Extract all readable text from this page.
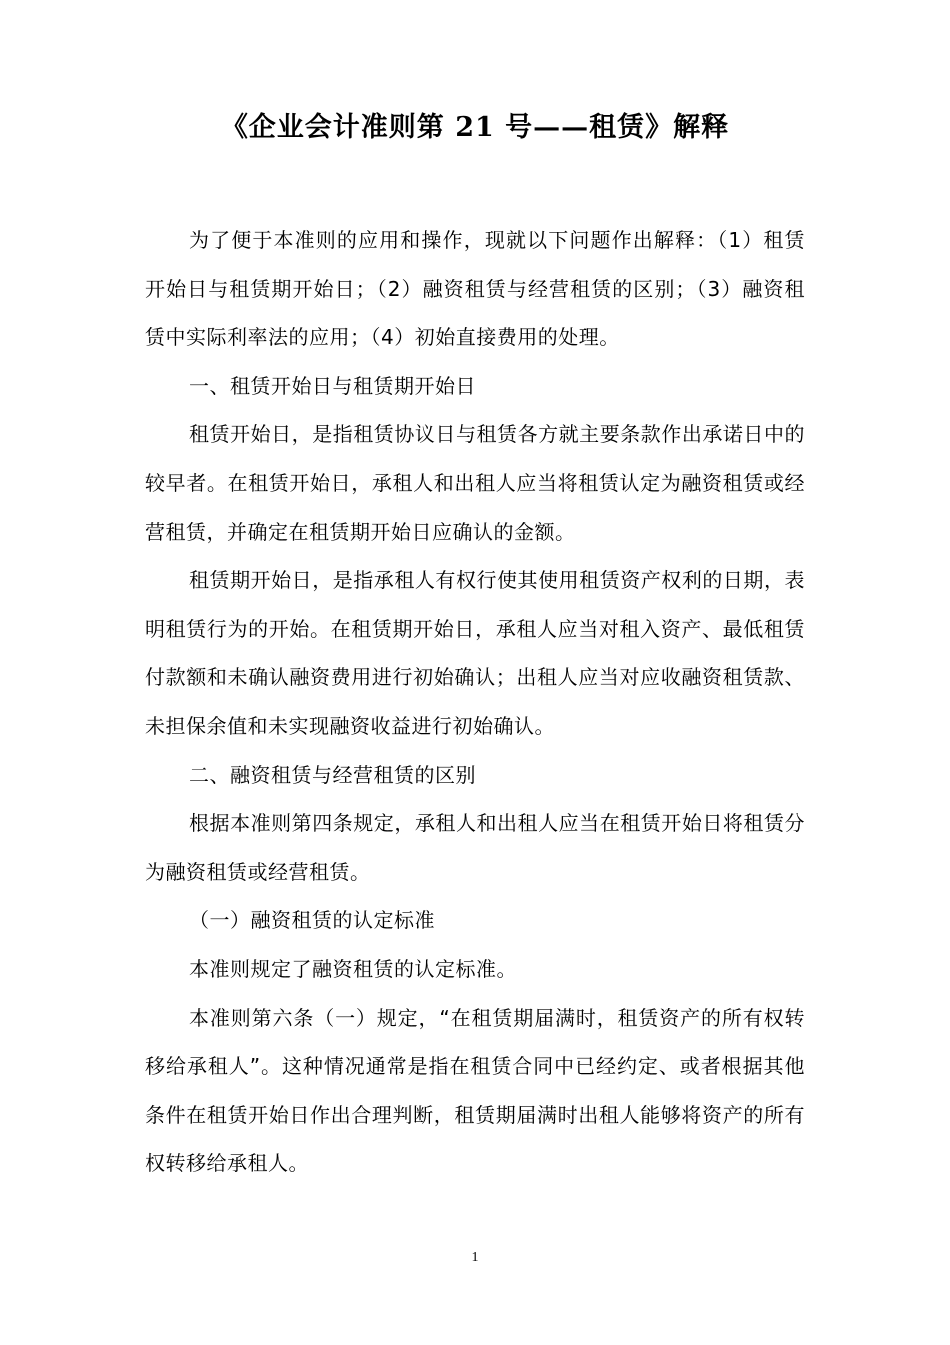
《企业会计准则第 21 号——租赁》解释

为了便于本准则的应用和操作，现就以下问题作出解释：（1）租赁开始日与租赁期开始日；（2）融资租赁与经营租赁的区别；（3）融资租赁中实际利率法的应用；（4）初始直接费用的处理。

一、租赁开始日与租赁期开始日

租赁开始日，是指租赁协议日与租赁各方就主要条款作出承诺日中的较早者。在租赁开始日，承租人和出租人应当将租赁认定为融资租赁或经营租赁，并确定在租赁期开始日应确认的金额。

租赁期开始日，是指承租人有权行使其使用租赁资产权利的日期，表明租赁行为的开始。在租赁期开始日，承租人应当对租入资产、最低租赁付款额和未确认融资费用进行初始确认；出租人应当对应收融资租赁款、未担保余值和未实现融资收益进行初始确认。

二、融资租赁与经营租赁的区别

根据本准则第四条规定，承租人和出租人应当在租赁开始日将租赁分为融资租赁或经营租赁。

（一）融资租赁的认定标准

本准则规定了融资租赁的认定标准。

本准则第六条（一）规定，“在租赁期届满时，租赁资产的所有权转移给承租人”。这种情况通常是指在租赁合同中已经约定、或者根据其他条件在租赁开始日作出合理判断，租赁期届满时出租人能够将资产的所有权转移给承租人。

1
